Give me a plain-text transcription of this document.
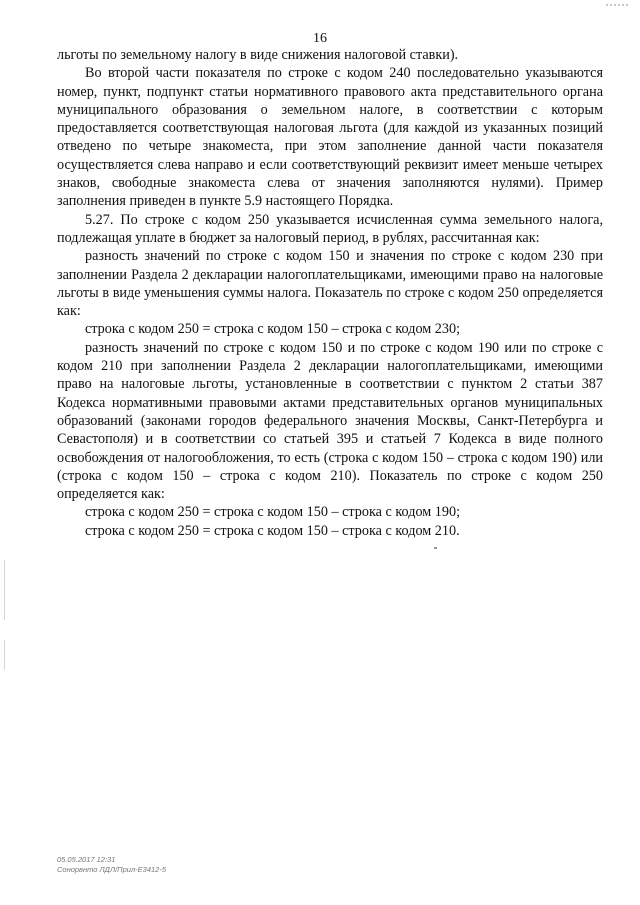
16

льготы по земельному налогу в виде снижения налоговой ставки).

Во второй части показателя по строке с кодом 240 последовательно указываются номер, пункт, подпункт статьи нормативного правового акта представительного органа муниципального образования о земельном налоге, в соответствии с которым предоставляется соответствующая налоговая льгота (для каждой из указанных позиций отведено по четыре знакоместа, при этом заполнение данной части показателя осуществляется слева направо и если соответствующий реквизит имеет меньше четырех знаков, свободные знакоместа слева от значения заполняются нулями). Пример заполнения приведен в пункте 5.9 настоящего Порядка.

5.27. По строке с кодом 250 указывается исчисленная сумма земельного налога, подлежащая уплате в бюджет за налоговый период, в рублях, рассчитанная как:

разность значений по строке с кодом 150 и значения по строке с кодом 230 при заполнении Раздела 2 декларации налогоплательщиками, имеющими право на налоговые льготы в виде уменьшения суммы налога. Показатель по строке с кодом 250 определяется как:

строка с кодом 250 = строка с кодом 150 – строка с кодом 230;

разность значений по строке с кодом 150 и по строке с кодом 190 или по строке с кодом 210 при заполнении Раздела 2 декларации налогоплательщиками, имеющими право на налоговые льготы, установленные в соответствии с пунктом 2 статьи 387 Кодекса нормативными правовыми актами представительных органов муниципальных образований (законами городов федерального значения Москвы, Санкт-Петербурга и Севастополя) и в соответствии со статьей 395 и статьей 7 Кодекса в виде полного освобождения от налогообложения, то есть (строка с кодом 150 – строка с кодом 190) или (строка с кодом 150 – строка с кодом 210). Показатель по строке с кодом 250 определяется как:

строка с кодом 250 = строка с кодом 150 – строка с кодом 190;

строка с кодом 250 = строка с кодом 150 – строка с кодом 210.

05.05.2017 12:31
Сонорвнто ЛДЛ/Прил-Е3412-5
